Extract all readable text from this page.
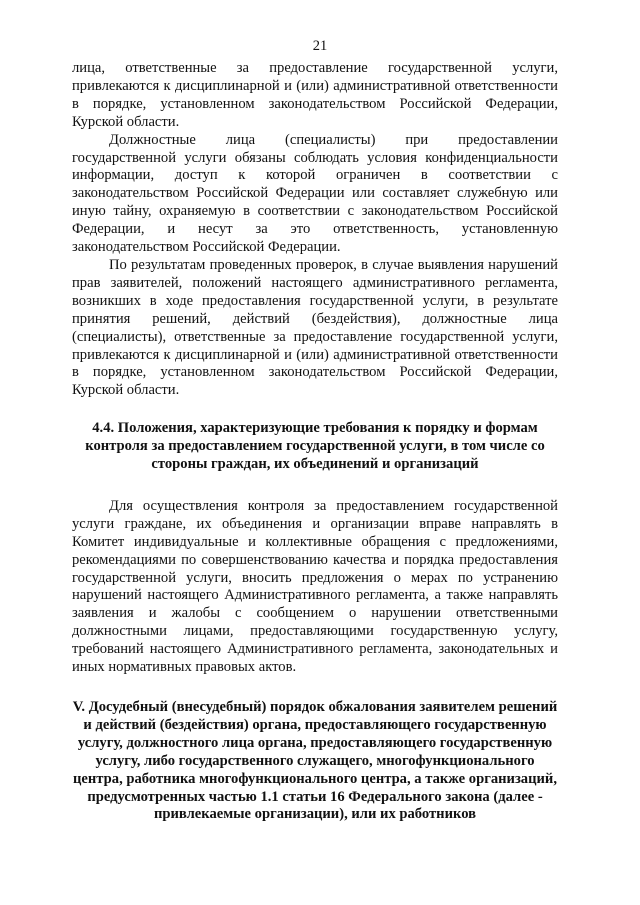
21

лица, ответственные за предоставление государственной услуги, привлекаются к дисциплинарной и (или) административной ответственности в порядке, установленном законодательством Российской Федерации, Курской области.

Должностные лица (специалисты) при предоставлении государственной услуги обязаны соблюдать условия конфиденциальности информации, доступ к которой ограничен в соответствии с законодательством Российской Федерации или составляет служебную или иную тайну, охраняемую в соответствии с законодательством Российской Федерации, и несут за это ответственность, установленную законодательством Российской Федерации.

По результатам проведенных проверок, в случае выявления нарушений прав заявителей, положений настоящего административного регламента, возникших в ходе предоставления государственной услуги, в результате принятия решений, действий (бездействия), должностные лица (специалисты), ответственные за предоставление государственной услуги, привлекаются к дисциплинарной и (или) административной ответственности в порядке, установленном законодательством Российской Федерации, Курской области.

4.4. Положения, характеризующие требования к порядку и формам контроля за предоставлением государственной услуги, в том числе со стороны граждан, их объединений и организаций

Для осуществления контроля за предоставлением государственной услуги граждане, их объединения и организации вправе направлять в Комитет индивидуальные и коллективные обращения с предложениями, рекомендациями по совершенствованию качества и порядка предоставления государственной услуги, вносить предложения о мерах по устранению нарушений настоящего Административного регламента, а также направлять заявления и жалобы с сообщением о нарушении ответственными должностными лицами, предоставляющими государственную услугу, требований настоящего Административного регламента, законодательных и иных нормативных правовых актов.

V. Досудебный (внесудебный) порядок обжалования заявителем решений и действий (бездействия) органа, предоставляющего государственную услугу, должностного лица органа, предоставляющего государственную услугу, либо государственного служащего, многофункционального центра, работника многофункционального центра, а также организаций, предусмотренных частью 1.1 статьи 16 Федерального закона (далее - привлекаемые организации), или их работников
